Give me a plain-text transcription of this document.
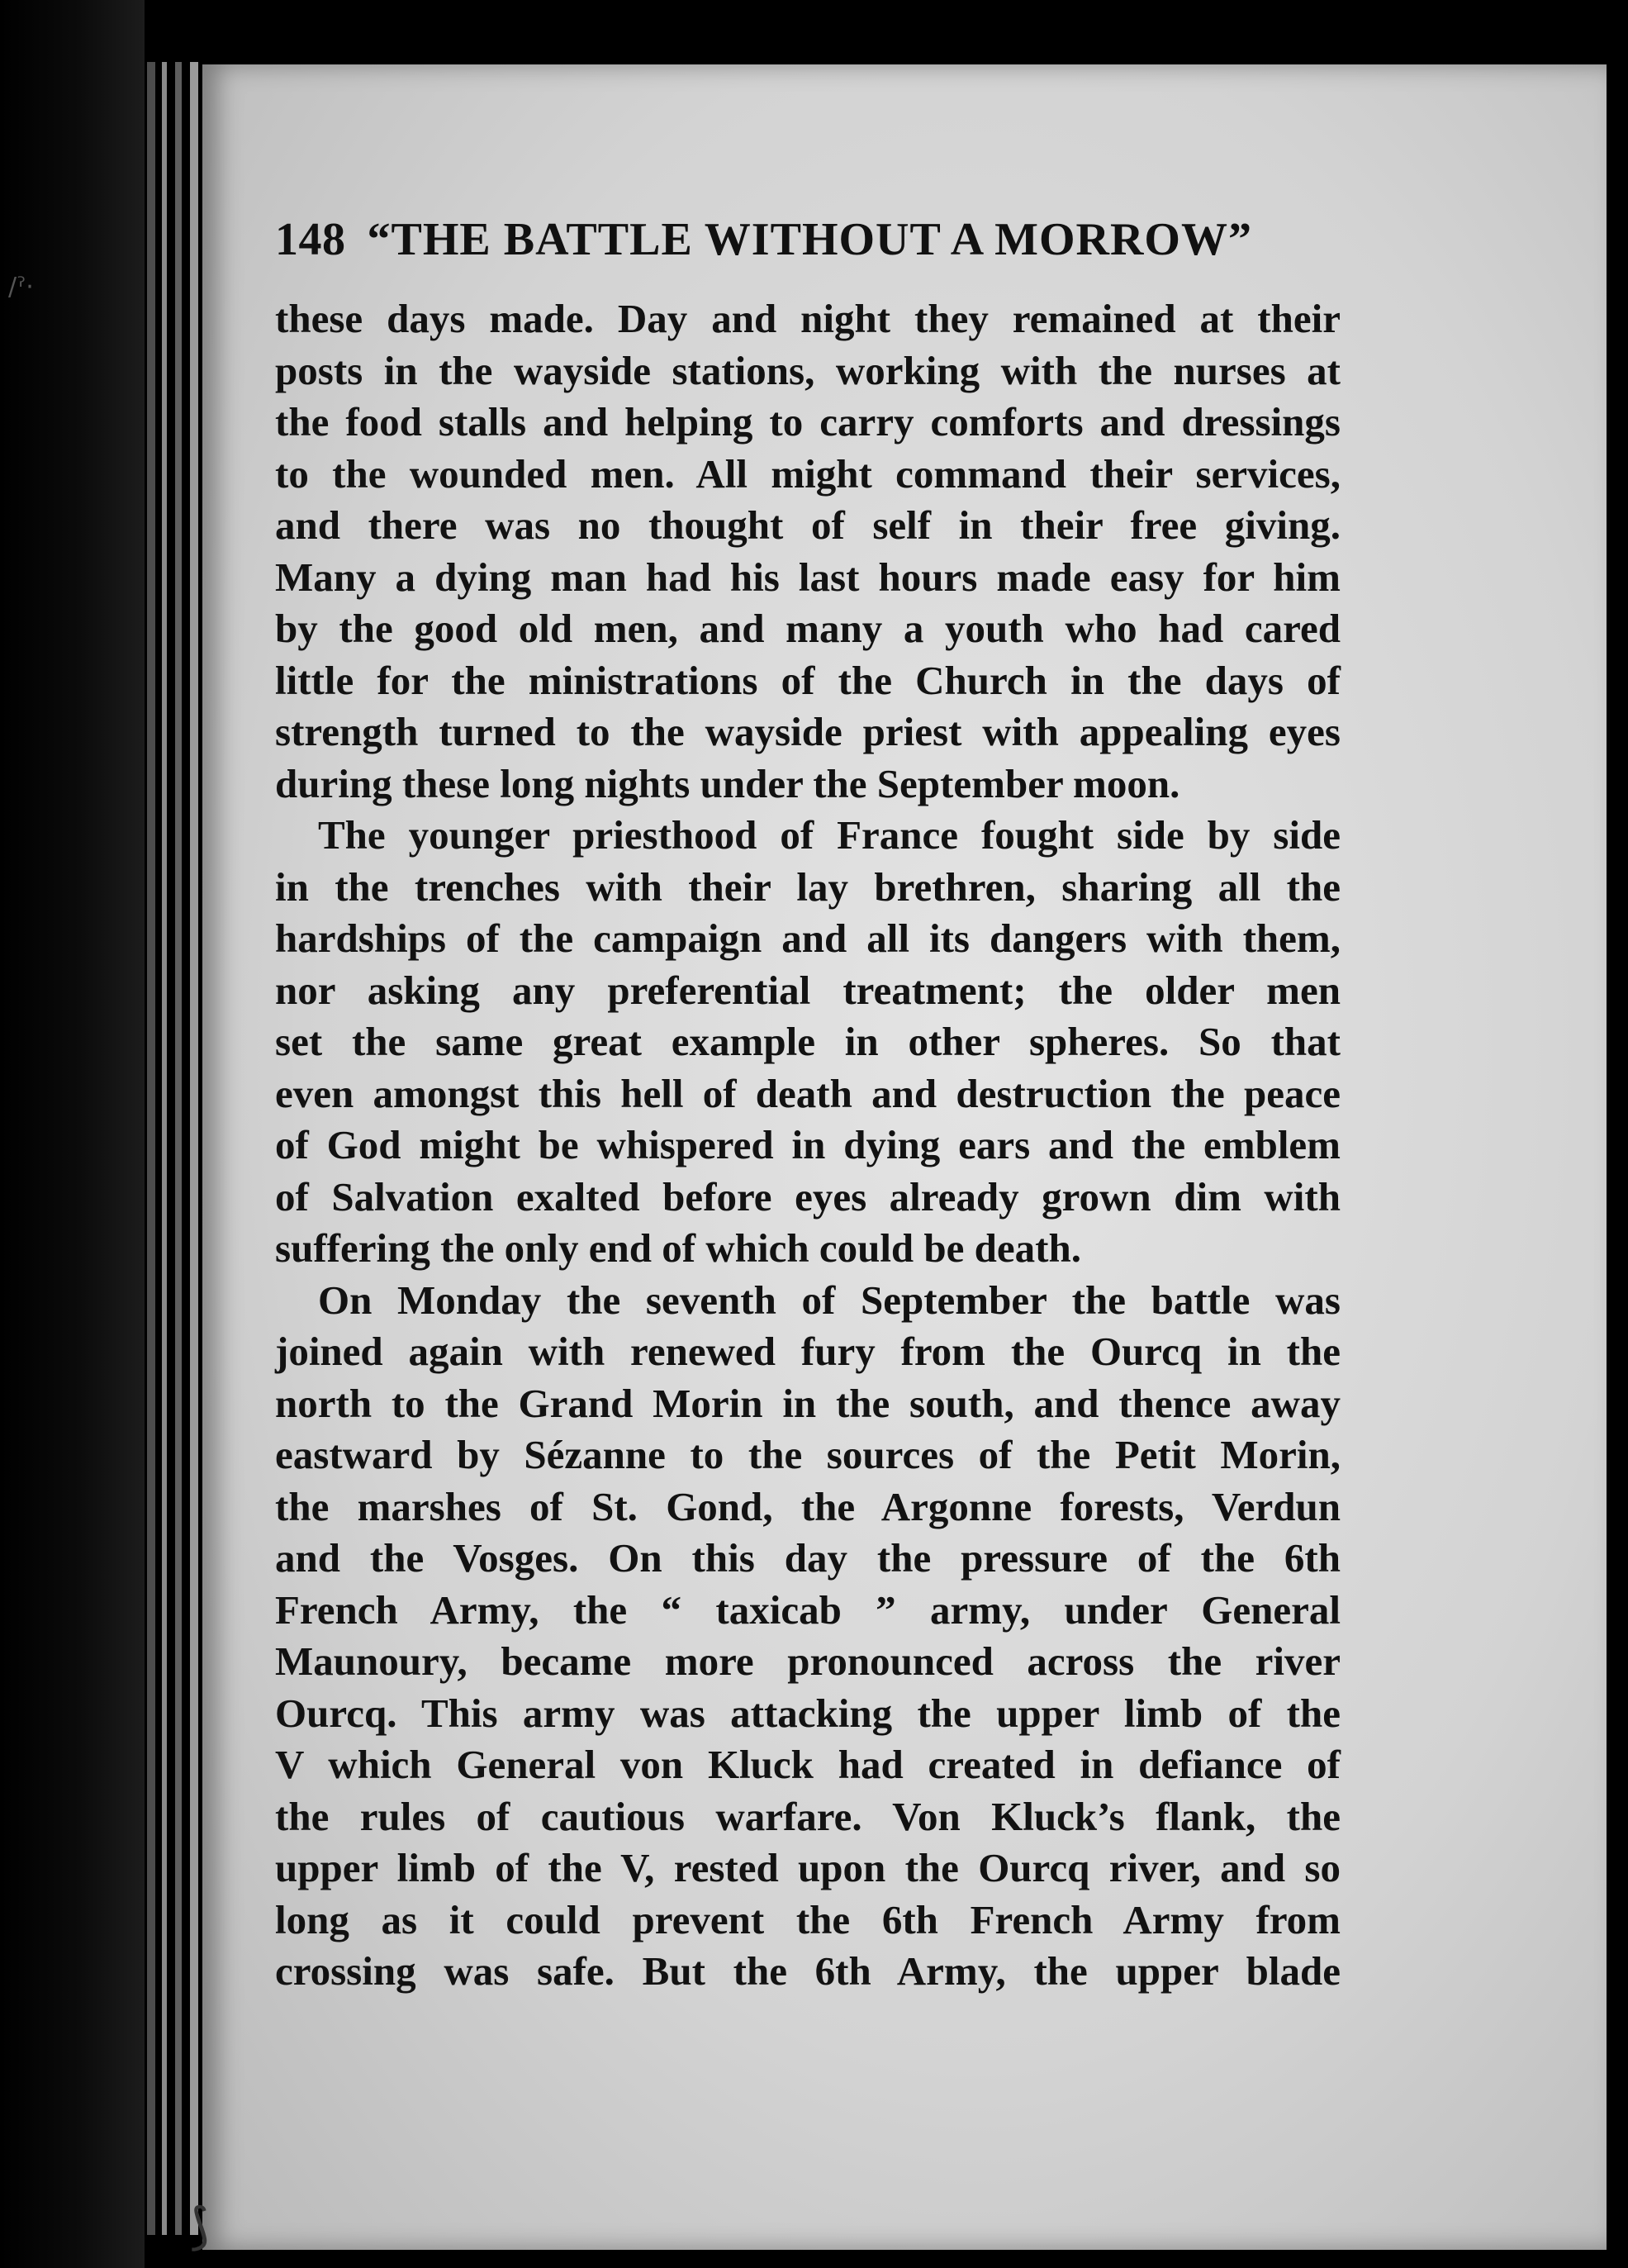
/ˀ·
⟆
148 “THE BATTLE WITHOUT A MORROW”
these days made. Day and night they remained at their
posts in the wayside stations, working with the nurses at
the food stalls and helping to carry comforts and dressings
to the wounded men. All might command their services,
and there was no thought of self in their free giving.
Many a dying man had his last hours made easy for him
by the good old men, and many a youth who had cared
little for the ministrations of the Church in the days of
strength turned to the wayside priest with appealing eyes
during these long nights under the September moon.
The younger priesthood of France fought side by side
in the trenches with their lay brethren, sharing all the
hardships of the campaign and all its dangers with them,
nor asking any preferential treatment; the older men
set the same great example in other spheres. So that
even amongst this hell of death and destruction the peace
of God might be whispered in dying ears and the emblem
of Salvation exalted before eyes already grown dim with
suffering the only end of which could be death.
On Monday the seventh of September the battle was
joined again with renewed fury from the Ourcq in the
north to the Grand Morin in the south, and thence away
eastward by Sézanne to the sources of the Petit Morin,
the marshes of St. Gond, the Argonne forests, Verdun
and the Vosges. On this day the pressure of the 6th
French Army, the “ taxicab ” army, under General
Maunoury, became more pronounced across the river
Ourcq. This army was attacking the upper limb of the
V which General von Kluck had created in defiance of
the rules of cautious warfare. Von Kluck’s flank, the
upper limb of the V, rested upon the Ourcq river, and so
long as it could prevent the 6th French Army from
crossing was safe. But the 6th Army, the upper blade
